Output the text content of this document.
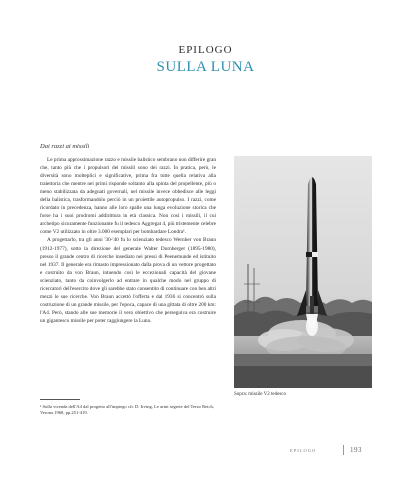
EPILOGO
SULLA LUNA
Dai razzi ai missili

Le prima approssimazione razzo e missile balistico sembrano non differire gran che, tanto più che i propulsori dei missili sono dei razzi. In pratica, però, le diversità sono molteplici e significative, prima fra tutte quella relativa alla traiettoria che mentre nei primi risponde soltanto alla spinta del propellente, più o meno stabilizzata da adeguati governali, nel missile invece obbedisce alle leggi della balistica, trasformandolo perciò in un proiettile autopropulso. I razzi, come ricordato in precedenza, hanno alle loro spalle una lunga evoluzione storica che forse ha i suoi prodromi addirittura in età classica. Non così i missili, il cui archetipo sicuramente funzionante fu il tedesco Aggregat 4, più tristemente celebre come V2 utilizzato in oltre 3.000 esemplari per bombardare Londra¹.

A progettarlo, tra gli anni '30-'40 fu lo scienziato tedesco Wernher von Braun (1912-1977), sotto la direzione del generale Walter Dornberger (1895-1980), presso il grande centro di ricerche insediato nei pressi di Peenemunde ed istituito nel 1937. Il generale era rimasto impressionato dalla prova di un vettore progettato e costruito da von Braun, intuendo così le eccezionali capacità del giovane scienziato, tanto da coinvolgerlo ad entrare in qualche modo nel gruppo di ricercatori dell'esercito dove gli sarebbe stato consentito di continuare con ben altri mezzi le sue ricerche. Von Braun accettò l'offerta e dal 1936 si concentrò sulla costruzione di un grande missile, per l'epoca, capace di una gittata di oltre 200 km: l'A4. Però, stando alle sue memorie il vero obiettivo che perseguiva era costruire un gigantesco missile per poter raggiungere la Luna.

¹ Sulla vicenda dell'A4 dal progetto all'impiego cfr. D. Irving, Le armi segrete del Terzo Reich, Verona 1968, pp.251-419.
Sopra: missile V2 tedesco
EPILOGO	193
